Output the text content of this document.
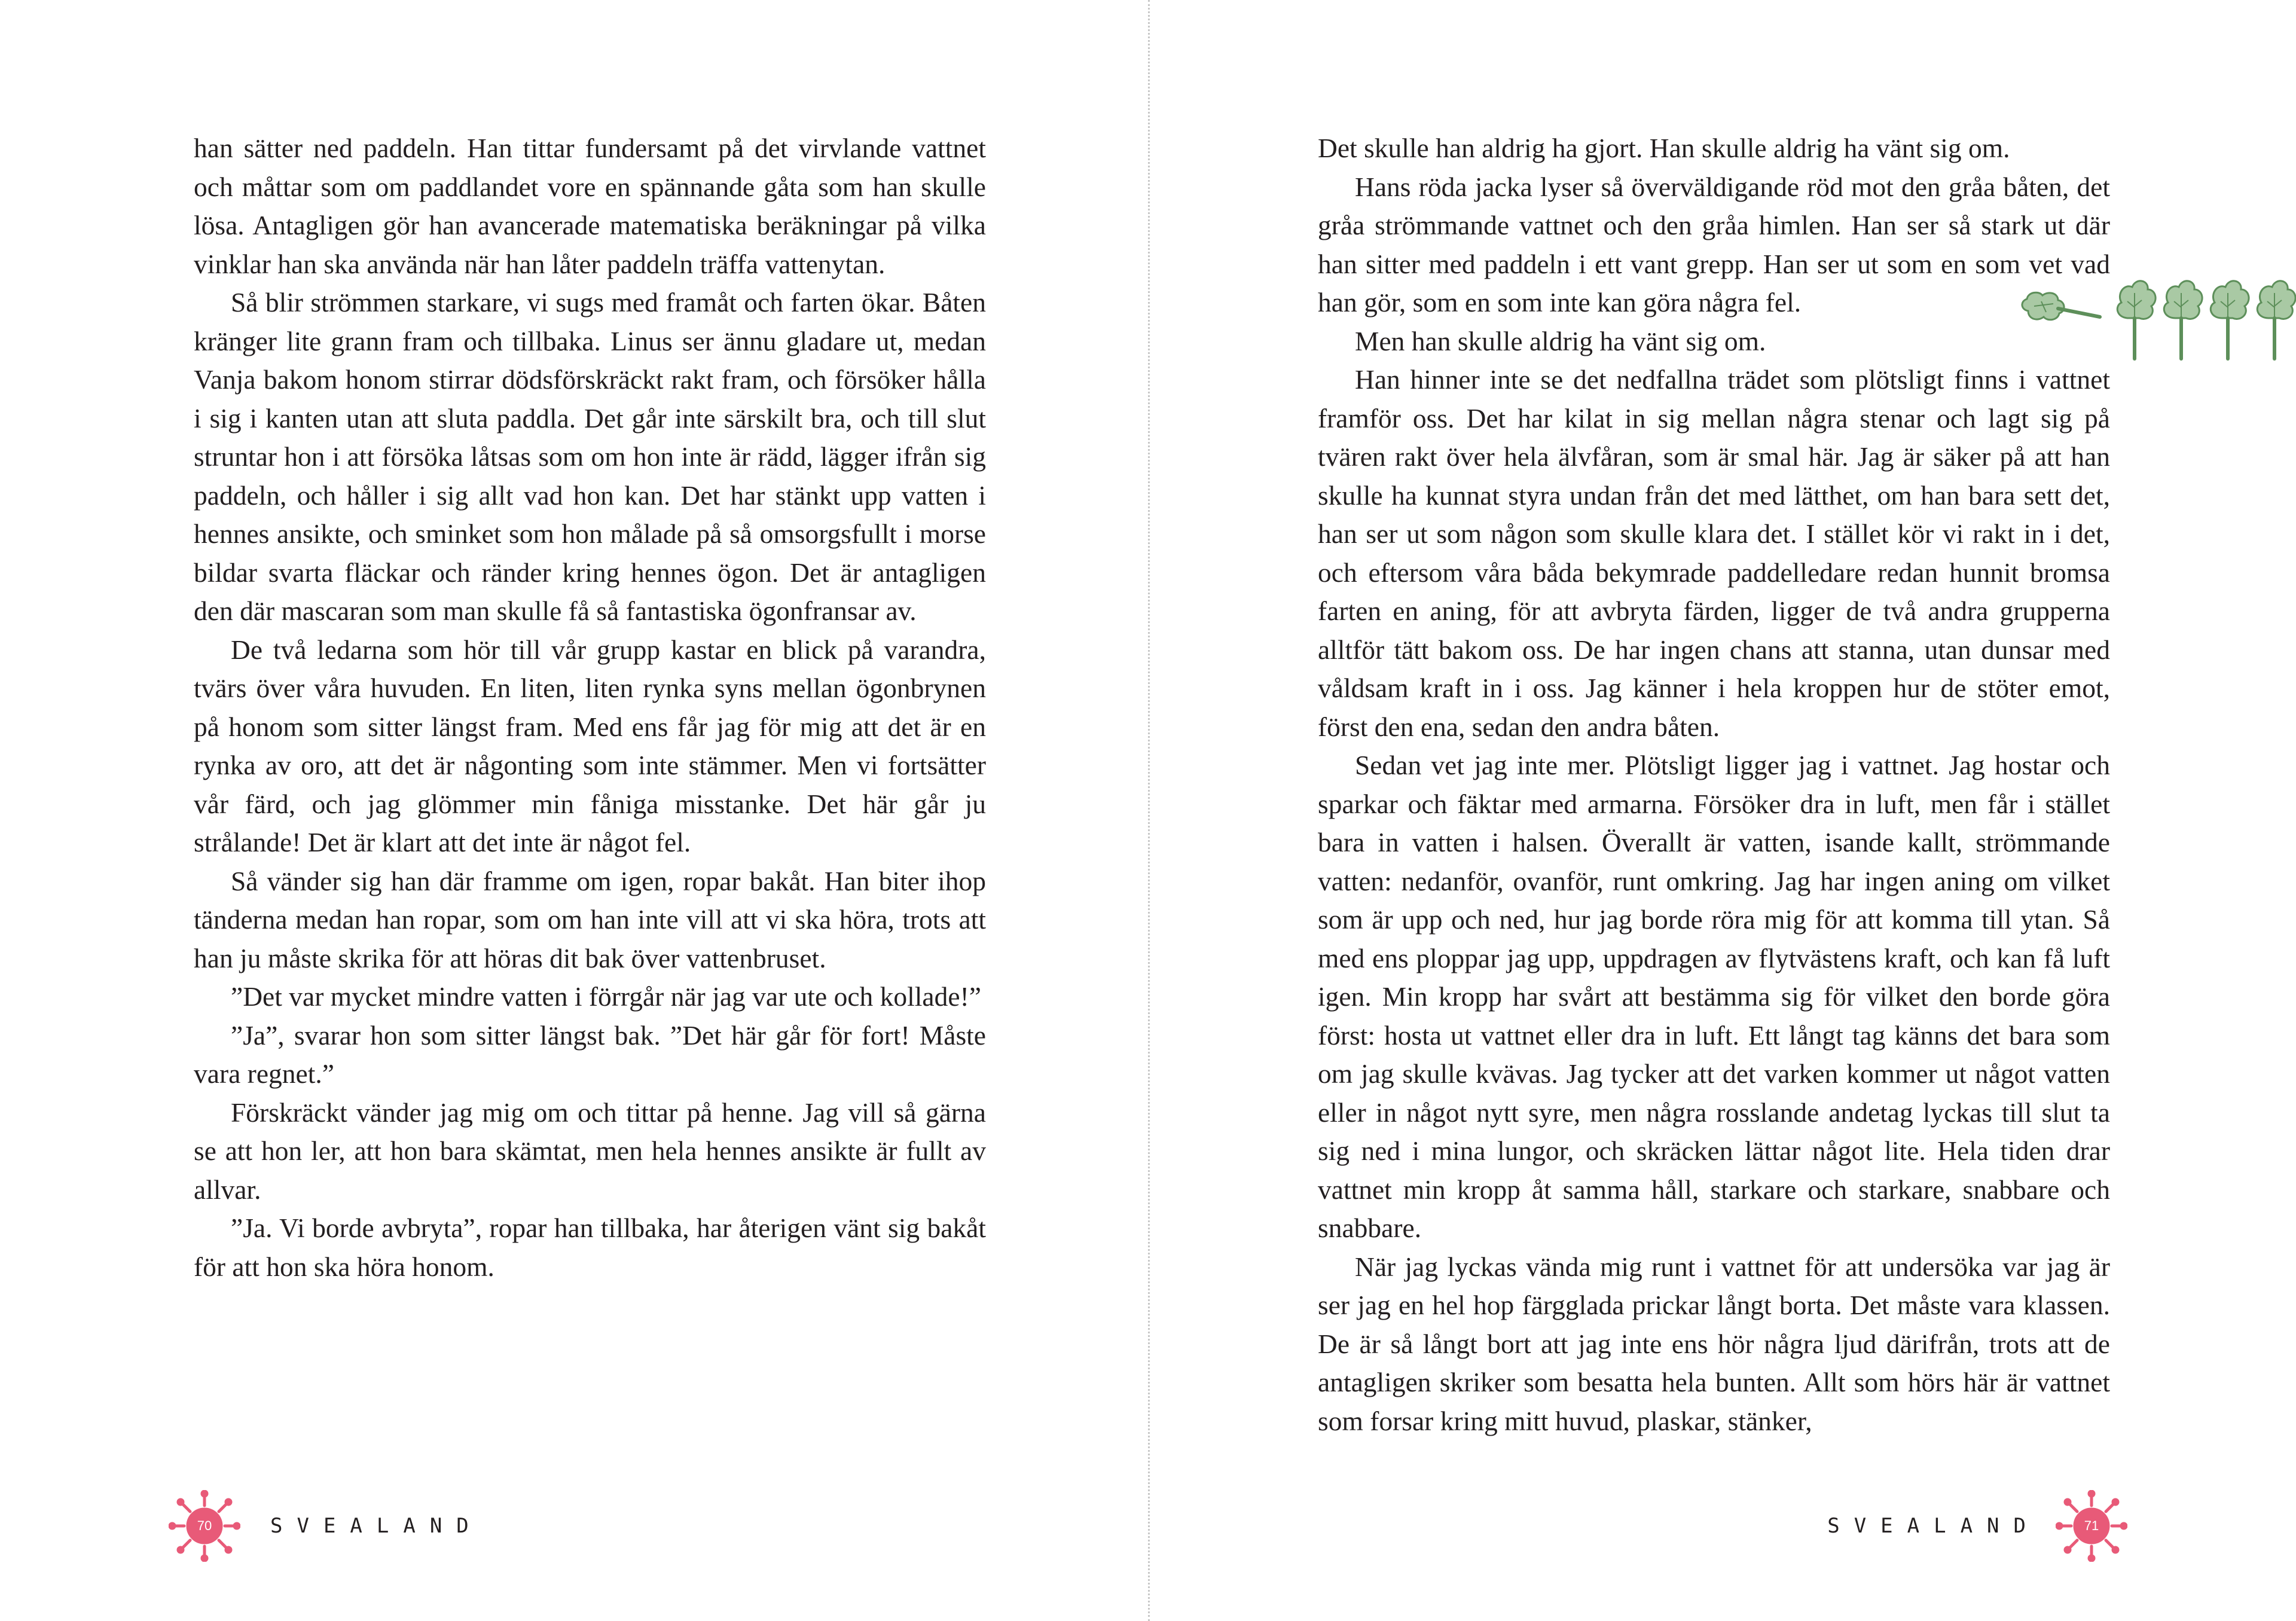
han sätter ned paddeln. Han tittar fundersamt på det virvlande vattnet och måttar som om paddlandet vore en spännande gåta som han skulle lösa. Antagligen gör han avancerade matematiska beräkningar på vilka vinklar han ska använda när han låter paddeln träffa vattenytan.

Så blir strömmen starkare, vi sugs med framåt och farten ökar. Båten kränger lite grann fram och tillbaka. Linus ser ännu gladare ut, medan Vanja bakom honom stirrar dödsförskräckt rakt fram, och försöker hålla i sig i kanten utan att sluta paddla. Det går inte särskilt bra, och till slut struntar hon i att försöka låtsas som om hon inte är rädd, lägger ifrån sig paddeln, och håller i sig allt vad hon kan. Det har stänkt upp vatten i hennes ansikte, och sminket som hon målade på så omsorgsfullt i morse bildar svarta fläckar och ränder kring hennes ögon. Det är antagligen den där mascaran som man skulle få så fantastiska ögonfransar av.

De två ledarna som hör till vår grupp kastar en blick på varandra, tvärs över våra huvuden. En liten, liten rynka syns mellan ögonbrynen på honom som sitter längst fram. Med ens får jag för mig att det är en rynka av oro, att det är någonting som inte stämmer. Men vi fortsätter vår färd, och jag glömmer min fåniga misstanke. Det här går ju strålande! Det är klart att det inte är något fel.

Så vänder sig han där framme om igen, ropar bakåt. Han biter ihop tänderna medan han ropar, som om han inte vill att vi ska höra, trots att han ju måste skrika för att höras dit bak över vattenbruset.

”Det var mycket mindre vatten i förrgår när jag var ute och kollade!”

”Ja”, svarar hon som sitter längst bak. ”Det här går för fort! Måste vara regnet.”

Förskräckt vänder jag mig om och tittar på henne. Jag vill så gärna se att hon ler, att hon bara skämtat, men hela hennes ansikte är fullt av allvar.

”Ja. Vi borde avbryta”, ropar han tillbaka, har återigen vänt sig bakåt för att hon ska höra honom.

70	SVEALAND

Det skulle han aldrig ha gjort. Han skulle aldrig ha vänt sig om.

Hans röda jacka lyser så överväldigande röd mot den gråa båten, det gråa strömmande vattnet och den gråa himlen. Han ser så stark ut där han sitter med paddeln i ett vant grepp. Han ser ut som en som vet vad han gör, som en som inte kan göra några fel.

Men han skulle aldrig ha vänt sig om.

Han hinner inte se det nedfallna trädet som plötsligt finns i vattnet framför oss. Det har kilat in sig mellan några stenar och lagt sig på tvären rakt över hela älvfåran, som är smal här. Jag är säker på att han skulle ha kunnat styra undan från det med lätthet, om han bara sett det, han ser ut som någon som skulle klara det. I stället kör vi rakt in i det, och eftersom våra båda bekymrade paddelledare redan hunnit bromsa farten en aning, för att avbryta färden, ligger de två andra grupperna alltför tätt bakom oss. De har ingen chans att stanna, utan dunsar med våldsam kraft in i oss. Jag känner i hela kroppen hur de stöter emot, först den ena, sedan den andra båten.

Sedan vet jag inte mer. Plötsligt ligger jag i vattnet. Jag hostar och sparkar och fäktar med armarna. Försöker dra in luft, men får i stället bara in vatten i halsen. Överallt är vatten, isande kallt, strömmande vatten: nedanför, ovanför, runt omkring. Jag har ingen aning om vilket som är upp och ned, hur jag borde röra mig för att komma till ytan. Så med ens ploppar jag upp, uppdragen av flytvästens kraft, och kan få luft igen. Min kropp har svårt att bestämma sig för vilket den borde göra först: hosta ut vattnet eller dra in luft. Ett långt tag känns det bara som om jag skulle kvävas. Jag tycker att det varken kommer ut något vatten eller in något nytt syre, men några rosslande andetag lyckas till slut ta sig ned i mina lungor, och skräcken lättar något lite. Hela tiden drar vattnet min kropp åt samma håll, starkare och starkare, snabbare och snabbare.

När jag lyckas vända mig runt i vattnet för att undersöka var jag är ser jag en hel hop färgglada prickar långt borta. Det måste vara klassen. De är så långt bort att jag inte ens hör några ljud därifrån, trots att de antagligen skriker som besatta hela bunten. Allt som hörs här är vattnet som forsar kring mitt huvud, plaskar, stänker,

SVEALAND	71
